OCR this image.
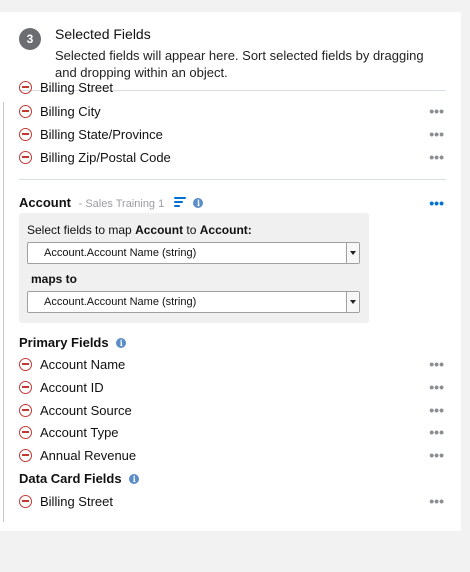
3	Selected Fields
Selected fields will appear here. Sort selected fields by dragging and dropping within an object.
Billing Street
Billing City	•••
Billing State/Province	•••
Billing Zip/Postal Code	•••
Account - Sales Training 1	i	•••
Select fields to map Account to Account:
Account.Account Name (string)
maps to
Account.Account Name (string)
Primary Fields i
Account Name	•••
Account ID	•••
Account Source	•••
Account Type	•••
Annual Revenue	•••
Data Card Fields i
Billing Street	•••
